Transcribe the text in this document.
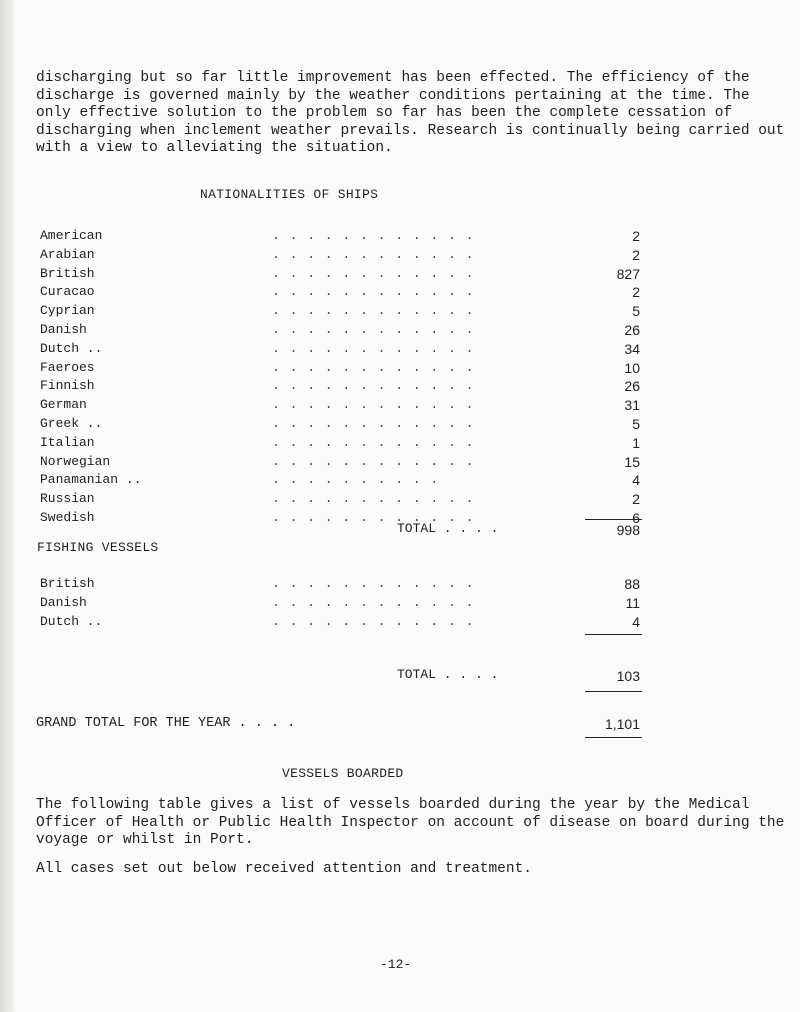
discharging but so far little improvement has been effected. The efficiency of the discharge is governed mainly by the weather conditions pertaining at the time. The only effective solution to the problem so far has been the complete cessation of discharging when inclement weather prevails. Research is continually being carried out with a view to alleviating the situation.

NATIONALITIES OF SHIPS
American	. . . . . . . . . . . .	2
Arabian	. . . . . . . . . . . .	2
British	. . . . . . . . . . . .	827
Curacao	. . . . . . . . . . . .	2
Cyprian	. . . . . . . . . . . .	5
Danish	. . . . . . . . . . . .	26
Dutch ..	. . . . . . . . . . . .	34
Faeroes	. . . . . . . . . . . .	10
Finnish	. . . . . . . . . . . .	26
German	. . . . . . . . . . . .	31
Greek ..	. . . . . . . . . . . .	5
Italian	. . . . . . . . . . . .	1
Norwegian	. . . . . . . . . . . .	15
Panamanian ..	. . . . . . . . . .	4
Russian	. . . . . . . . . . . .	2
Swedish	. . . . . . . . . . . .	6
TOTAL . . . .	998
FISHING VESSELS
British	. . . . . . . . . . . .	88
Danish	. . . . . . . . . . . .	11
Dutch ..	. . . . . . . . . . . .	4
TOTAL . . . .	103
GRAND TOTAL FOR THE YEAR . . . .	1,101
VESSELS BOARDED

The following table gives a list of vessels boarded during the year by the Medical Officer of Health or Public Health Inspector on account of disease on board during the voyage or whilst in Port.

All cases set out below received attention and treatment.

-12-
